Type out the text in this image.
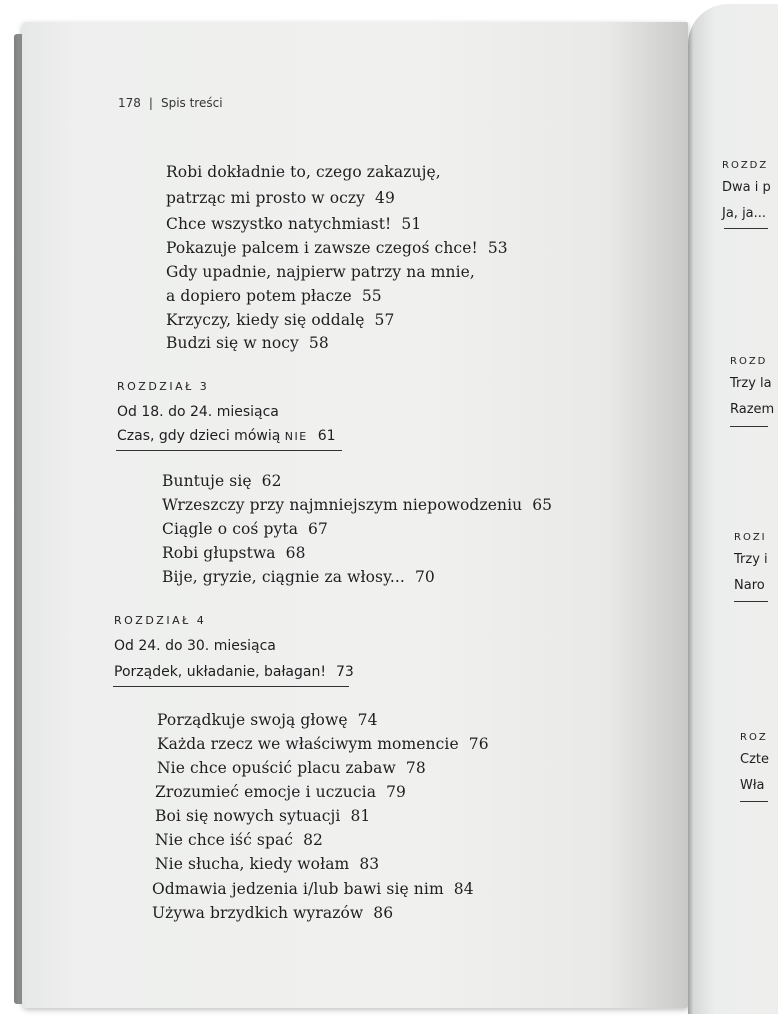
178 | Spis treści
Robi dokładnie to, czego zakazuję,
patrząc mi prosto w oczy 49
Chce wszystko natychmiast! 51
Pokazuje palcem i zawsze czegoś chce! 53
Gdy upadnie, najpierw patrzy na mnie,
a dopiero potem płacze 55
Krzyczy, kiedy się oddalę 57
Budzi się w nocy 58
ROZDZIAŁ 3
Od 18. do 24. miesiąca
Czas, gdy dzieci mówią NIE 61
Buntuje się 62
Wrzeszczy przy najmniejszym niepowodzeniu 65
Ciągle o coś pyta 67
Robi głupstwa 68
Bije, gryzie, ciągnie za włosy... 70
ROZDZIAŁ 4
Od 24. do 30. miesiąca
Porządek, układanie, bałagan! 73
Porządkuje swoją głowę 74
Każda rzecz we właściwym momencie 76
Nie chce opuścić placu zabaw 78
Zrozumieć emocje i uczucia 79
Boi się nowych sytuacji 81
Nie chce iść spać 82
Nie słucha, kiedy wołam 83
Odmawia jedzenia i/lub bawi się nim 84
Używa brzydkich wyrazów 86
ROZDZ
Dwa i p
Ja, ja...
ROZD
Trzy la
Razem
ROZI
Trzy i
Naro
ROZ
Czte
Wła
